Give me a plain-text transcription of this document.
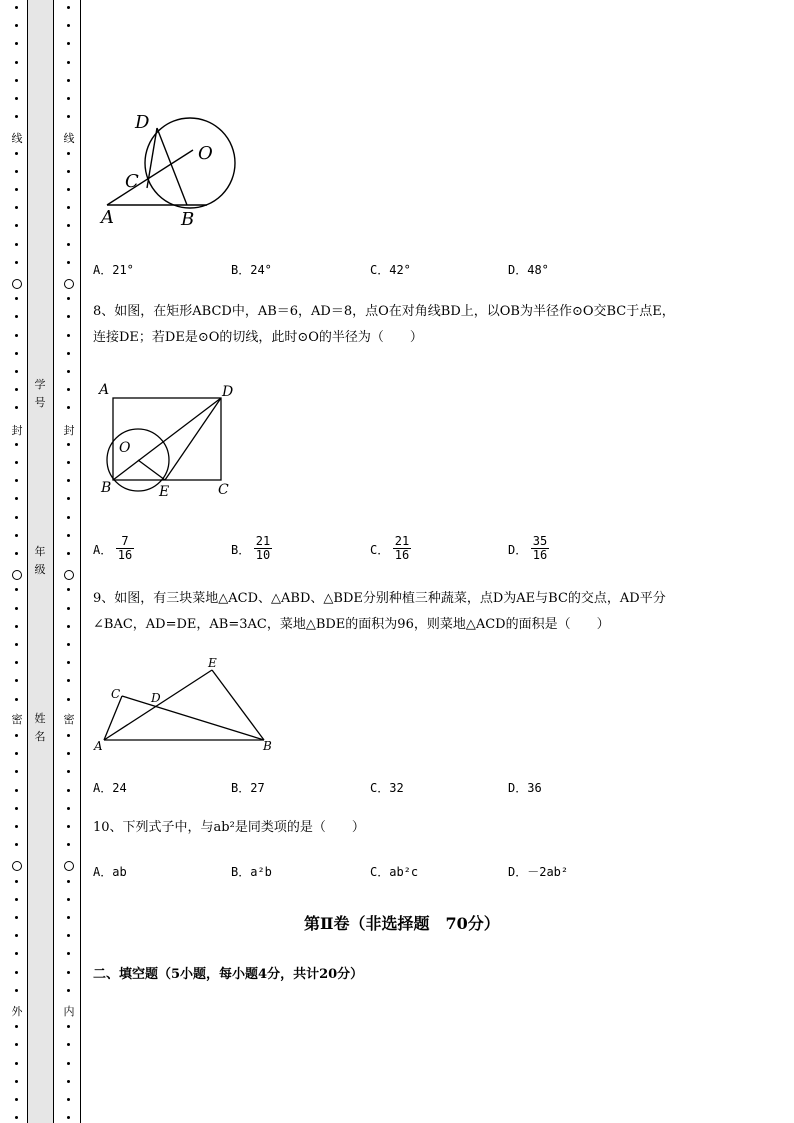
线
封
密
外
线
封
密
内
学号
年级
姓名
D
O
C
A	B
A．21°	B．24°	C．42°	D．48°
8、如图，在矩形ABCD中，AB＝6，AD＝8，点O在对角线BD上，以OB为半径作⊙O交BC于点E，
连接DE；若DE是⊙O的切线，此时⊙O的半径为（　　）
A	D
O
B	E	C
A． $\frac{7}{16}$	B． $\frac{21}{10}$	C． $\frac{21}{16}$	D． $\frac{35}{16}$
9、如图，有三块菜地△ACD、△ABD、△BDE分别种植三种蔬菜，点D为AE与BC的交点，AD平分
∠BAC，AD=DE，AB=3AC，菜地△BDE的面积为96，则菜地△ACD的面积是（　　）
E
C	D
A	B
A．24	B．27	C．32	D．36
10、下列式子中，与ab²是同类项的是（　　）
A．ab	B．a²b	C．ab²c	D．－2ab²
第Ⅱ卷（非选择题　70分）
二、填空题（5小题，每小题4分，共计20分）
